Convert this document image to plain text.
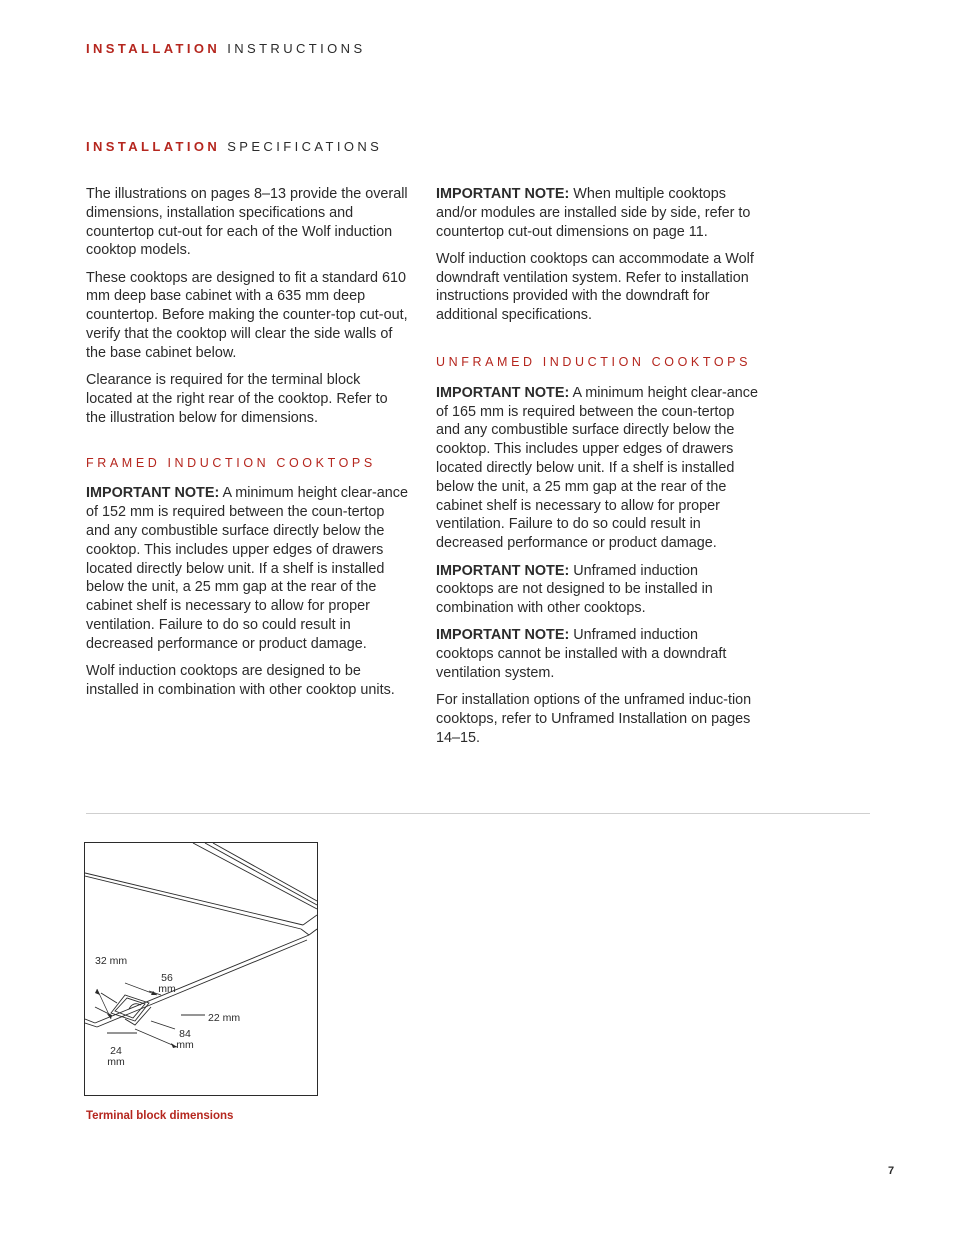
INSTALLATION INSTRUCTIONS
INSTALLATION SPECIFICATIONS

The illustrations on pages 8–13 provide the overall dimensions, installation specifications and countertop cut-out for each of the Wolf induction cooktop models.

These cooktops are designed to fit a standard 610 mm deep base cabinet with a 635 mm deep countertop. Before making the counter-top cut-out, verify that the cooktop will clear the side walls of the base cabinet below.

Clearance is required for the terminal block located at the right rear of the cooktop. Refer to the illustration below for dimensions.

FRAMED INDUCTION COOKTOPS

IMPORTANT NOTE: A minimum height clear-ance of 152 mm is required between the coun-tertop and any combustible surface directly below the cooktop. This includes upper edges of drawers located directly below unit. If a shelf is installed below the unit, a 25 mm gap at the rear of the cabinet shelf is necessary to allow for proper ventilation. Failure to do so could result in decreased performance or product damage.

Wolf induction cooktops are designed to be installed in combination with other cooktop units.

IMPORTANT NOTE: When multiple cooktops and/or modules are installed side by side, refer to countertop cut-out dimensions on page 11.

Wolf induction cooktops can accommodate a Wolf downdraft ventilation system. Refer to installation instructions provided with the downdraft for additional specifications.

UNFRAMED INDUCTION COOKTOPS

IMPORTANT NOTE: A minimum height clear-ance of 165 mm is required between the coun-tertop and any combustible surface directly below the cooktop. This includes upper edges of drawers located directly below unit. If a shelf is installed below the unit, a 25 mm gap at the rear of the cabinet shelf is necessary to allow for proper ventilation. Failure to do so could result in decreased performance or product damage.

IMPORTANT NOTE: Unframed induction cooktops are not designed to be installed in combination with other cooktops.

IMPORTANT NOTE: Unframed induction cooktops cannot be installed with a downdraft ventilation system.

For installation options of the unframed induc-tion cooktops, refer to Unframed Installation on pages 14–15.

32 mm
56
mm
22 mm
84
mm
24
mm
Terminal block dimensions
7
